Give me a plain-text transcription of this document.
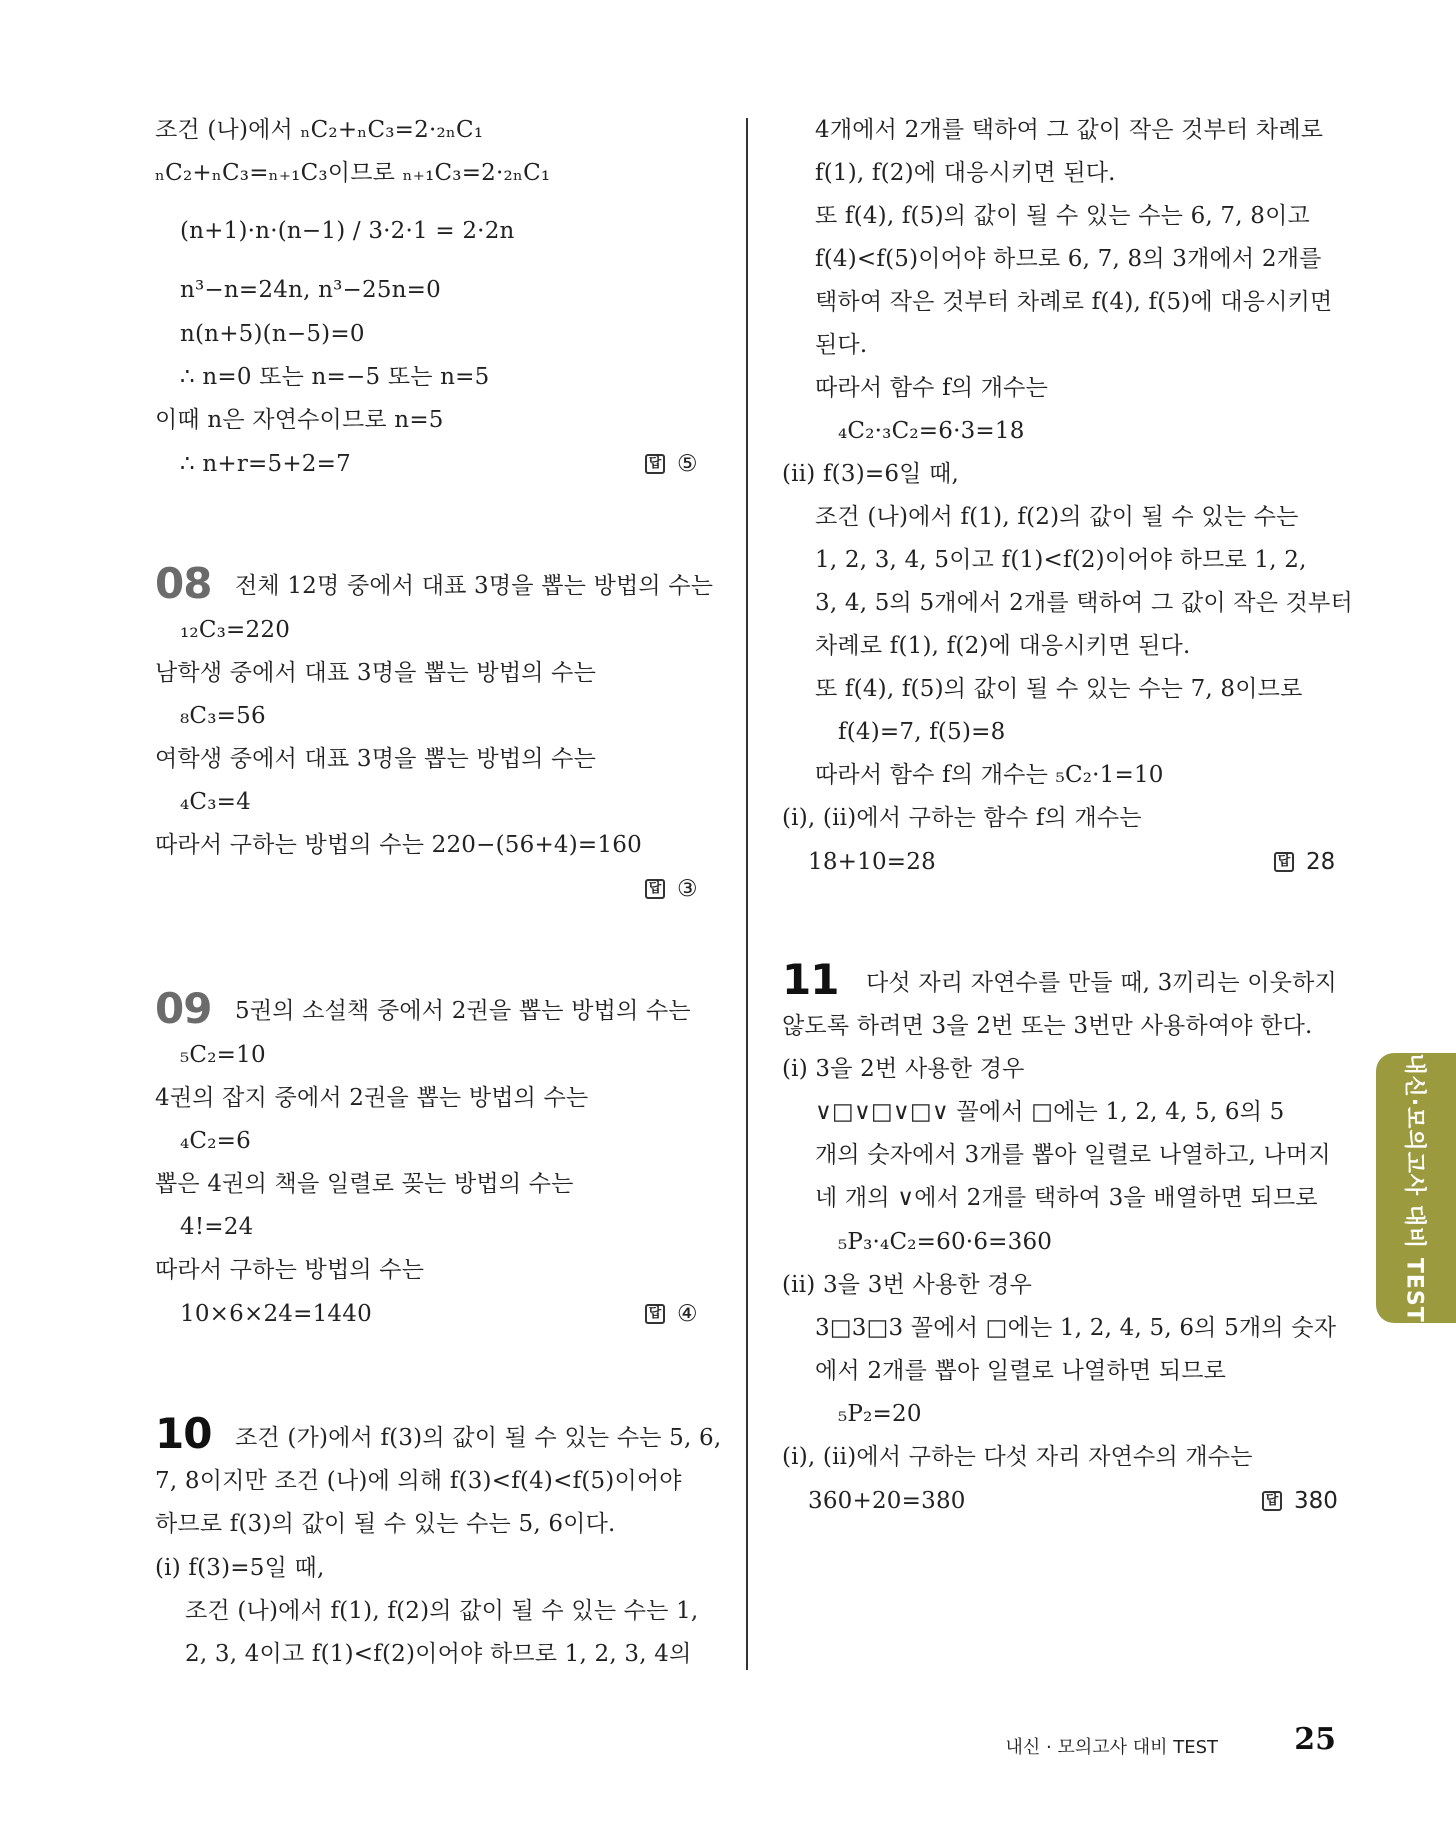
조건 (나)에서 ₙC₂+ₙC₃=2·₂ₙC₁
ₙC₂+ₙC₃=ₙ₊₁C₃이므로 ₙ₊₁C₃=2·₂ₙC₁
(n+1)·n·(n−1) / 3·2·1 = 2·2n
n³−n=24n, n³−25n=0
n(n+5)(n−5)=0
∴ n=0 또는 n=−5 또는 n=5
이때 n은 자연수이므로 n=5
∴ n+r=5+2=7	답 ⑤
08 전체 12명 중에서 대표 3명을 뽑는 방법의 수는
₁₂C₃=220
남학생 중에서 대표 3명을 뽑는 방법의 수는
₈C₃=56
여학생 중에서 대표 3명을 뽑는 방법의 수는
₄C₃=4
따라서 구하는 방법의 수는 220−(56+4)=160
답 ③
09 5권의 소설책 중에서 2권을 뽑는 방법의 수는
₅C₂=10
4권의 잡지 중에서 2권을 뽑는 방법의 수는
₄C₂=6
뽑은 4권의 책을 일렬로 꽂는 방법의 수는
4!=24
따라서 구하는 방법의 수는
10×6×24=1440	답 ④
10 조건 (가)에서 f(3)의 값이 될 수 있는 수는 5, 6,
7, 8이지만 조건 (나)에 의해 f(3)<f(4)<f(5)이어야
하므로 f(3)의 값이 될 수 있는 수는 5, 6이다.
(i) f(3)=5일 때,
조건 (나)에서 f(1), f(2)의 값이 될 수 있는 수는 1,
2, 3, 4이고 f(1)<f(2)이어야 하므로 1, 2, 3, 4의
4개에서 2개를 택하여 그 값이 작은 것부터 차례로
f(1), f(2)에 대응시키면 된다.
또 f(4), f(5)의 값이 될 수 있는 수는 6, 7, 8이고
f(4)<f(5)이어야 하므로 6, 7, 8의 3개에서 2개를
택하여 작은 것부터 차례로 f(4), f(5)에 대응시키면
된다.
따라서 함수 f의 개수는
₄C₂·₃C₂=6·3=18
(ii) f(3)=6일 때,
조건 (나)에서 f(1), f(2)의 값이 될 수 있는 수는
1, 2, 3, 4, 5이고 f(1)<f(2)이어야 하므로 1, 2,
3, 4, 5의 5개에서 2개를 택하여 그 값이 작은 것부터
차례로 f(1), f(2)에 대응시키면 된다.
또 f(4), f(5)의 값이 될 수 있는 수는 7, 8이므로
f(4)=7, f(5)=8
따라서 함수 f의 개수는 ₅C₂·1=10
(i), (ii)에서 구하는 함수 f의 개수는
18+10=28	답 28
11 다섯 자리 자연수를 만들 때, 3끼리는 이웃하지
않도록 하려면 3을 2번 또는 3번만 사용하여야 한다.
(i) 3을 2번 사용한 경우
∨□∨□∨□∨ 꼴에서 □에는 1, 2, 4, 5, 6의 5
개의 숫자에서 3개를 뽑아 일렬로 나열하고, 나머지
네 개의 ∨에서 2개를 택하여 3을 배열하면 되므로
₅P₃·₄C₂=60·6=360
(ii) 3을 3번 사용한 경우
3□3□3 꼴에서 □에는 1, 2, 4, 5, 6의 5개의 숫자
에서 2개를 뽑아 일렬로 나열하면 되므로
₅P₂=20
(i), (ii)에서 구하는 다섯 자리 자연수의 개수는
360+20=380	답 380
내신·모의고사 대비 TEST
내신 · 모의고사 대비 TEST	25
